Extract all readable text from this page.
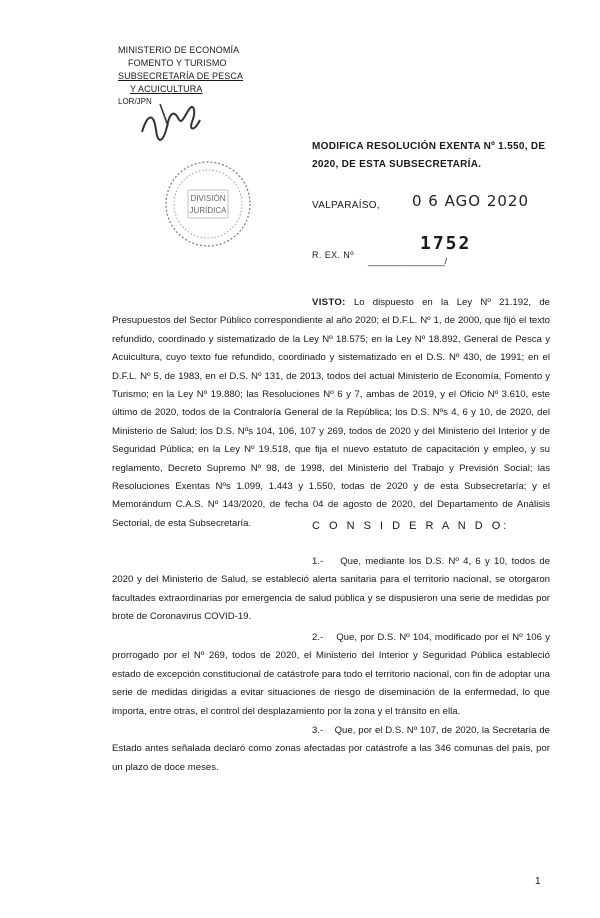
MINISTERIO DE ECONOMÍA
FOMENTO Y TURISMO
SUBSECRETARÍA DE PESCA
Y ACUICULTURA
LOR/JPN
DIVISIÓN
JURÍDICA
MODIFICA RESOLUCIÓN EXENTA Nº 1.550, DE 2020, DE ESTA SUBSECRETARÍA.
VALPARAÍSO, 0 6 AGO 2020
R. EX. Nº
1752
_________________/
VISTO: Lo dispuesto en la Ley Nº 21.192, de Presupuestos del Sector Público correspondiente al año 2020; el D.F.L. Nº 1, de 2000, que fijó el texto refundido, coordinado y sistematizado de la Ley Nº 18.575; en la Ley Nº 18.892, General de Pesca y Acuicultura, cuyo texto fue refundido, coordinado y sistematizado en el D.S. Nº 430, de 1991; en el D.F.L. Nº 5, de 1983, en el D.S. Nº 131, de 2013, todos del actual Ministerio de Economía, Fomento y Turismo; en la Ley Nº 19.880; las Resoluciones Nº 6 y 7, ambas de 2019, y el Oficio Nº 3.610, este último de 2020, todos de la Contraloría General de la República; los D.S. Nºs 4, 6 y 10, de 2020, del Ministerio de Salud; los D.S. Nºs 104, 106, 107 y 269, todos de 2020 y del Ministerio del Interior y de Seguridad Pública; en la Ley Nº 19.518, que fija el nuevo estatuto de capacitación y empleo, y su reglamento, Decreto Supremo Nº 98, de 1998, del Ministerio del Trabajo y Previsión Social; las Resoluciones Exentas Nºs 1.099, 1.443 y 1.550, todas de 2020 y de esta Subsecretaría; y el Memorándum C.A.S. Nº 143/2020, de fecha 04 de agosto de 2020, del Departamento de Análisis Sectorial, de esta Subsecretaría.	C O N S I D E R A N D O:
1.- Que, mediante los D.S. Nº 4, 6 y 10, todos de 2020 y del Ministerio de Salud, se estableció alerta sanitaria para el territorio nacional, se otorgaron facultades extraordinarias por emergencia de salud pública y se dispusieron una serie de medidas por brote de Coronavirus COVID-19.
2.- Que, por D.S. Nº 104, modificado por el Nº 106 y prorrogado por el Nº 269, todos de 2020, el Ministerio del Interior y Seguridad Pública estableció estado de excepción constitucional de catástrofe para todo el territorio nacional, con fin de adoptar una serie de medidas dirigidas a evitar situaciones de riesgo de diseminación de la enfermedad, lo que importa, entre otras, el control del desplazamiento por la zona y el tránsito en ella.
3.- Que, por el D.S. Nº 107, de 2020, la Secretaría de Estado antes señalada declaró como zonas afectadas por catástrofe a las 346 comunas del país, por un plazo de doce meses.
1
